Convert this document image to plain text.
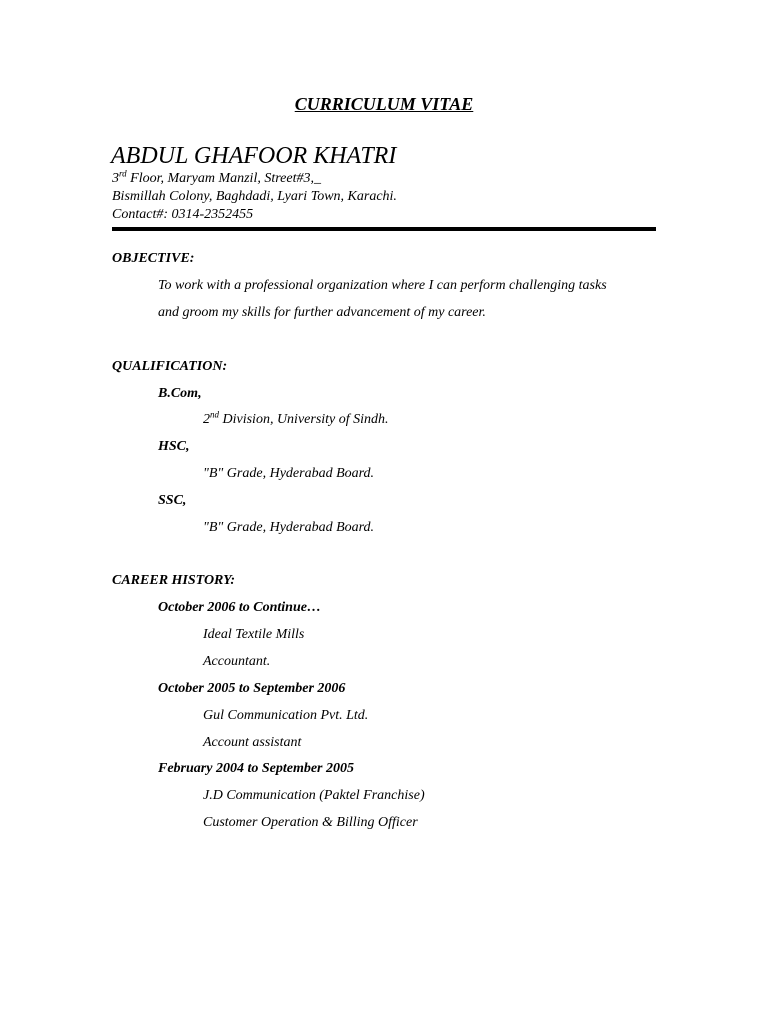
CURRICULUM VITAE
ABDUL GHAFOOR KHATRI
3rd Floor, Maryam Manzil, Street#3,_
Bismillah Colony, Baghdadi, Lyari Town, Karachi.
Contact#: 0314-2352455
OBJECTIVE:
To work with a professional organization where I can perform challenging tasks
and groom my skills for further advancement of my career.
QUALIFICATION:
B.Com,
2nd Division, University of Sindh.
HSC,
"B" Grade, Hyderabad Board.
SSC,
"B" Grade, Hyderabad Board.
CAREER HISTORY:
October 2006 to Continue…
Ideal Textile Mills
Accountant.
October 2005 to September 2006
Gul Communication Pvt. Ltd.
Account assistant
February 2004 to September 2005
J.D Communication (Paktel Franchise)
Customer Operation & Billing Officer
